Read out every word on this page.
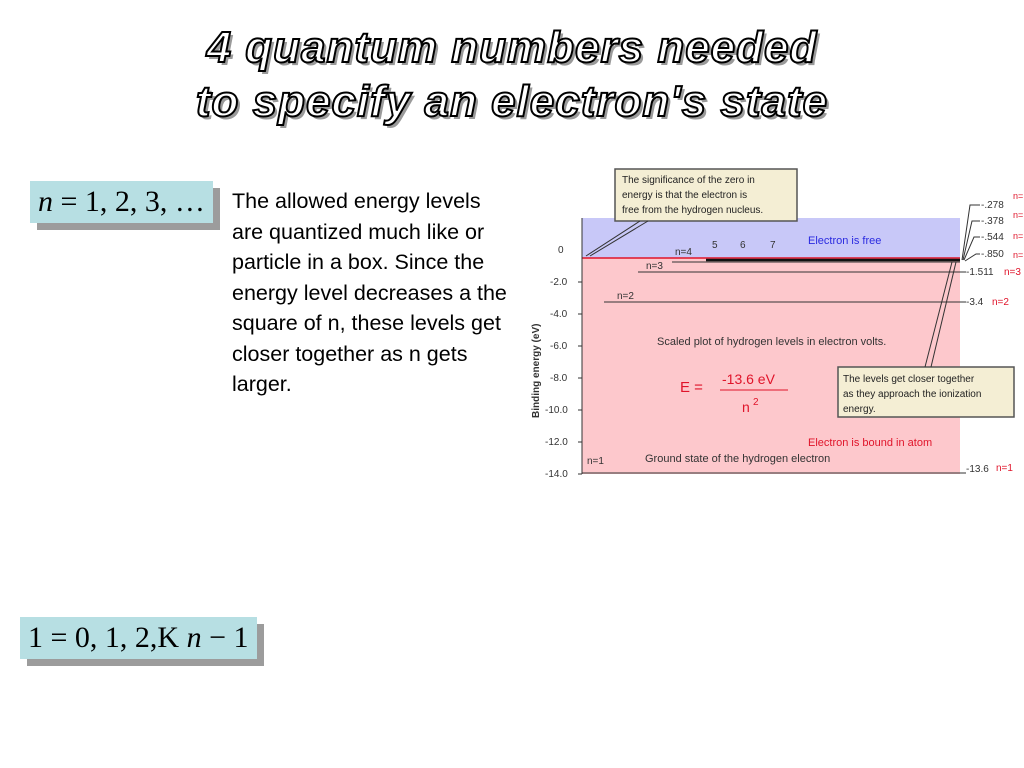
4 quantum numbers needed
to specify an electron's state
n = 1, 2, 3, …
1 = 0, 1, 2,K n − 1
The allowed energy levels are quantized much like or particle in a box. Since the energy level decreases a the square of n, these levels get closer together as n gets larger.
0
-2.0
-4.0
-6.0
-8.0
-10.0
-12.0
-14.0
Binding energy (eV)
n=4
5 6 7
n=3
n=2
n=1
Electron is free
Electron is bound in atom
Scaled plot of hydrogen levels in electron volts.
Ground state of the hydrogen electron
E = -13.6 eV
n 2
The significance of the zero in
energy is that the electron is
free from the hydrogen nucleus.
The levels get closer together
as they approach the ionization
energy.
-.278
-.378
-.544
-.850
-1.511
-3.4
-13.6
n=
n=
n=
n=
n=3
n=2
n=1
